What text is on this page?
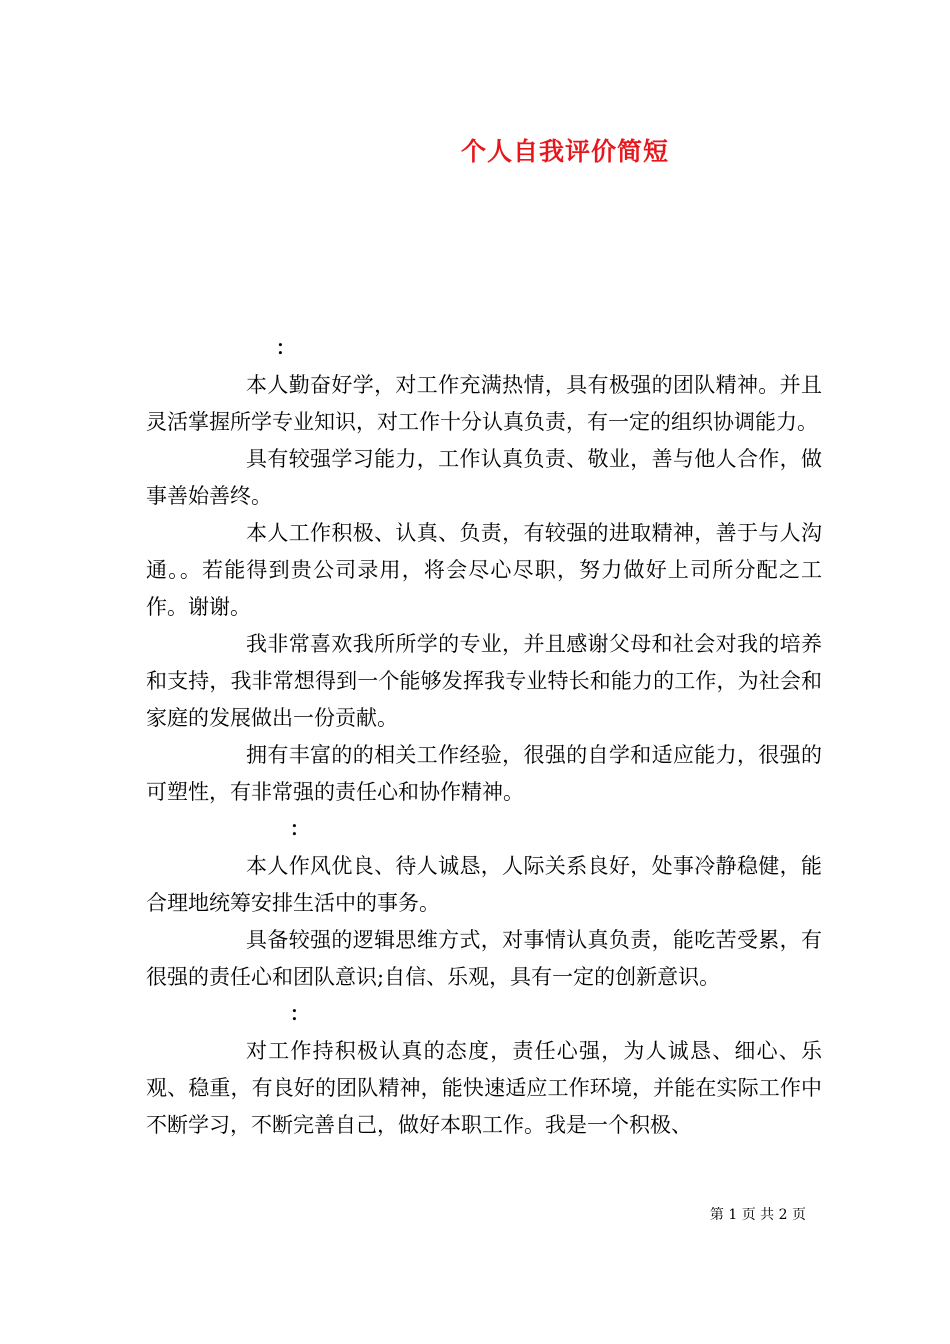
个人自我评价简短

：

本人勤奋好学，对工作充满热情，具有极强的团队精神。并且灵活掌握所学专业知识，对工作十分认真负责，有一定的组织协调能力。

具有较强学习能力，工作认真负责、敬业，善与他人合作，做事善始善终。

本人工作积极、认真、负责，有较强的进取精神，善于与人沟通。。若能得到贵公司录用，将会尽心尽职，努力做好上司所分配之工作。谢谢。

我非常喜欢我所所学的专业，并且感谢父母和社会对我的培养和支持，我非常想得到一个能够发挥我专业特长和能力的工作，为社会和家庭的发展做出一份贡献。

拥有丰富的的相关工作经验，很强的自学和适应能力，很强的可塑性，有非常强的责任心和协作精神。

：

本人作风优良、待人诚恳，人际关系良好，处事冷静稳健，能合理地统筹安排生活中的事务。

具备较强的逻辑思维方式，对事情认真负责，能吃苦受累，有很强的责任心和团队意识;自信、乐观，具有一定的创新意识。

：

对工作持积极认真的态度，责任心强，为人诚恳、细心、乐观、稳重，有良好的团队精神，能快速适应工作环境，并能在实际工作中不断学习，不断完善自己，做好本职工作。我是一个积极、

第 1 页 共 2 页
